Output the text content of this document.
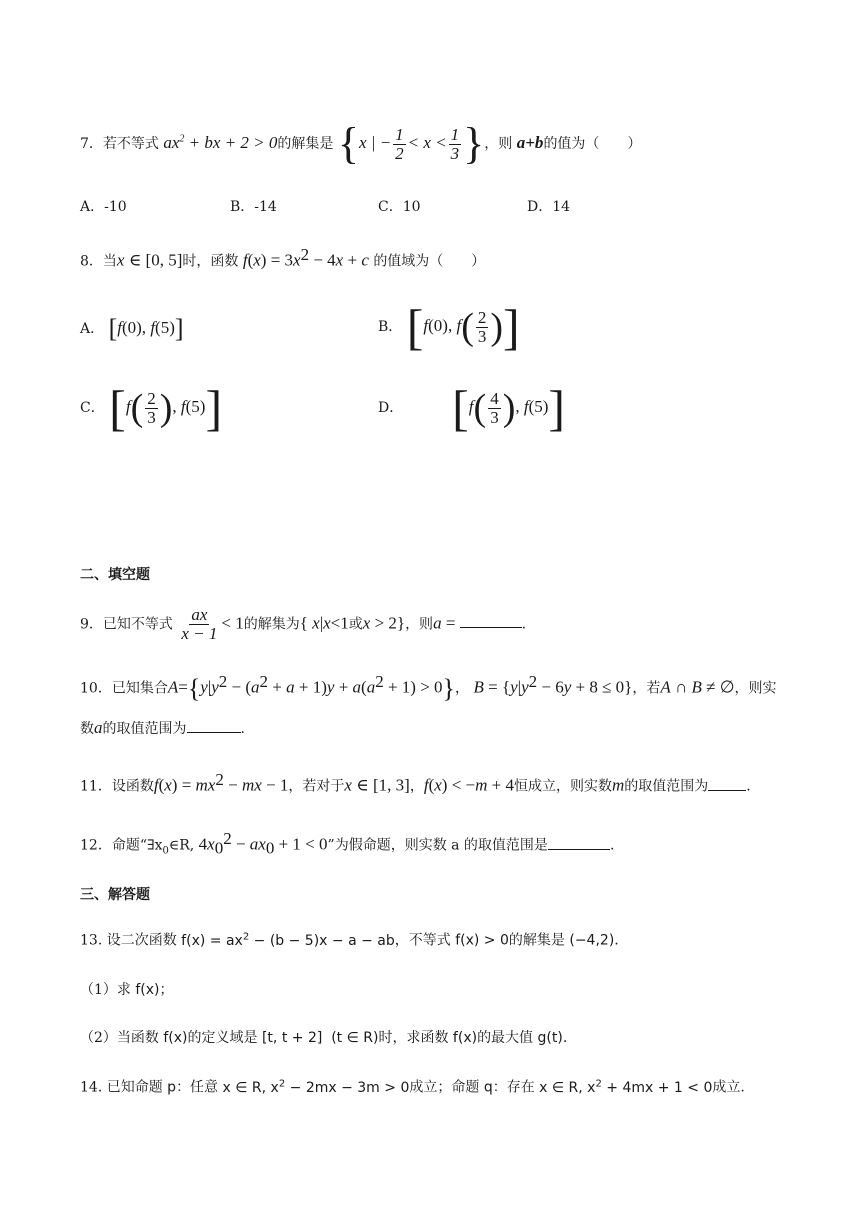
7．若不等式 $ax^2$ + bx + 2 > 0的解集是 {x | − $\frac{1}{2} < x < \frac{1}{3}$ }，则 a+b的值为（　　）
A．-10	B．-14	C．10	D．14
8．当x ∈ [0, 5]时，函数 $f(x) = 3x^2 - 4x + c$ 的值域为（　　）
A． [f(0), f(5)]	B． [f(0), $f( \frac{2}{3}$ )]
C． [$f( \frac{2}{3}$ ), f(5)]	D． [$f( \frac{4}{3}$ ), f(5)]
二、填空题
9．已知不等式 $\frac{ax}{x - 1} < 1$的解集为{ x|x<1或x > 2}，则a =	.
10．已知集合$A=\{y|y^2 - (a^2 + a + 1)y + a(a^2 + 1) > 0\}$， $B = \{y|y^2 - 6y + 8 \le 0\}$，若A ∩ B ≠ ∅，则实
数a的取值范围为	.
11．设函数$f(x) = mx^2$ − mx − 1，若对于x ∈ [1, 3]，f(x) < −m + 4恒成立，则实数m的取值范围为	.
12．命题“$\exists x_0\in R$, $4x_0^2 - ax_0 + 1 < 0$”为假命题，则实数 a 的取值范围是	.
三、解答题
13. 设二次函数 $f(x) = ax^2 - (b - 5)x - a$ − ab，不等式 f(x) > 0的解集是 (−4,2).
（1）求 f(x)；
（2）当函数 f(x)的定义域是 [t, t + 2] (t ∈ R)时，求函数 f(x)的最大值 g(t).
14. 已知命题 p：任意 x ∈ R, $x^2 - 2mx - 3m > 0$成立；命题 q：存在 x ∈ R, $x^2 + 4mx + 1 < 0$成立.
